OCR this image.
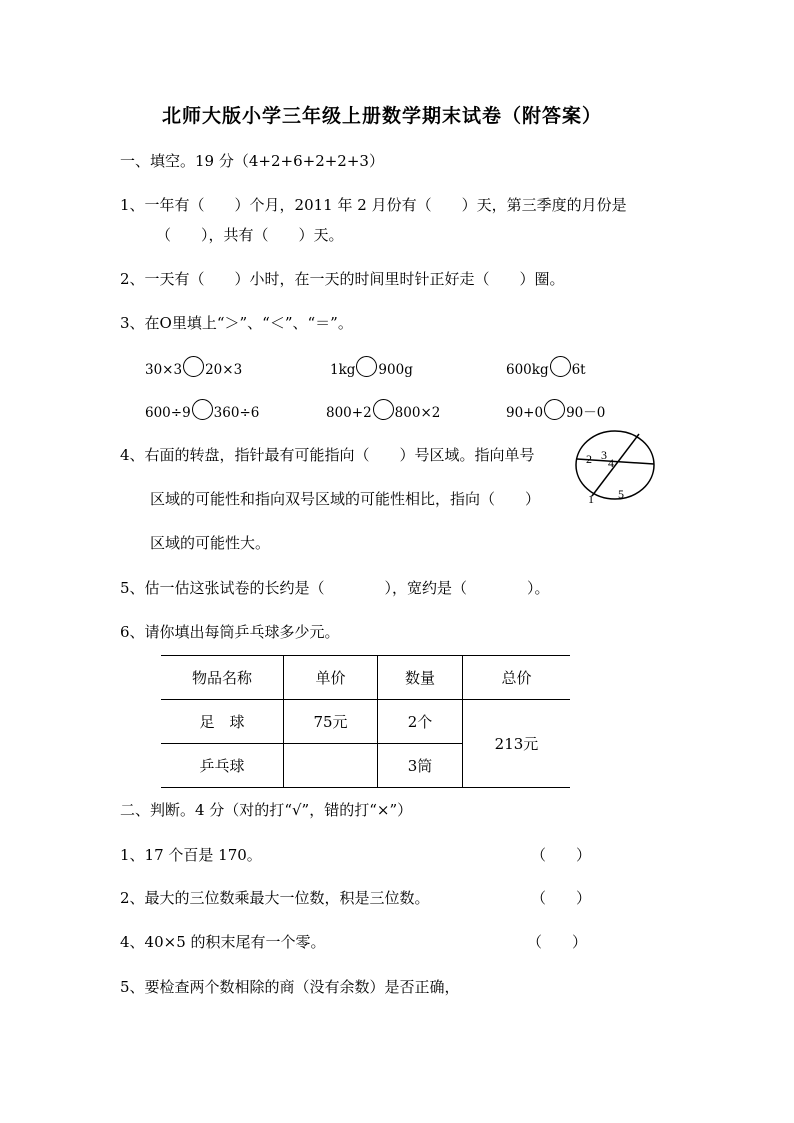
北师大版小学三年级上册数学期末试卷（附答案）
一、填空。19 分（4+2+6+2+2+3）
1、一年有（　　）个月，2011 年 2 月份有（　　）天，第三季度的月份是
（　　），共有（　　）天。
2、一天有（　　）小时，在一天的时间里时针正好走（　　）圈。
3、在O里填上“＞”、“＜”、“＝”。
30×3 20×3	1kg 900g	600kg 6t
600÷9 360÷6	800+2 800×2	90+0 90－0
4、右面的转盘，指针最有可能指向（　　）号区域。指向单号
区域的可能性和指向双号区域的可能性相比，指向（　　）
区域的可能性大。
2 3
4
1 5
5、估一估这张试卷的长约是（　　　　），宽约是（　　　　）。
6、请你填出每筒乒乓球多少元。
物品名称	单价	数量	总价
足　球	75元	2个	213元
乒乓球		3筒	
二、判断。4 分（对的打“√”，错的打“×”）
1、17 个百是 170。	（　　）
2、最大的三位数乘最大一位数，积是三位数。	（　　）
4、40×5 的积末尾有一个零。	（　　）
5、要检查两个数相除的商（没有余数）是否正确，
